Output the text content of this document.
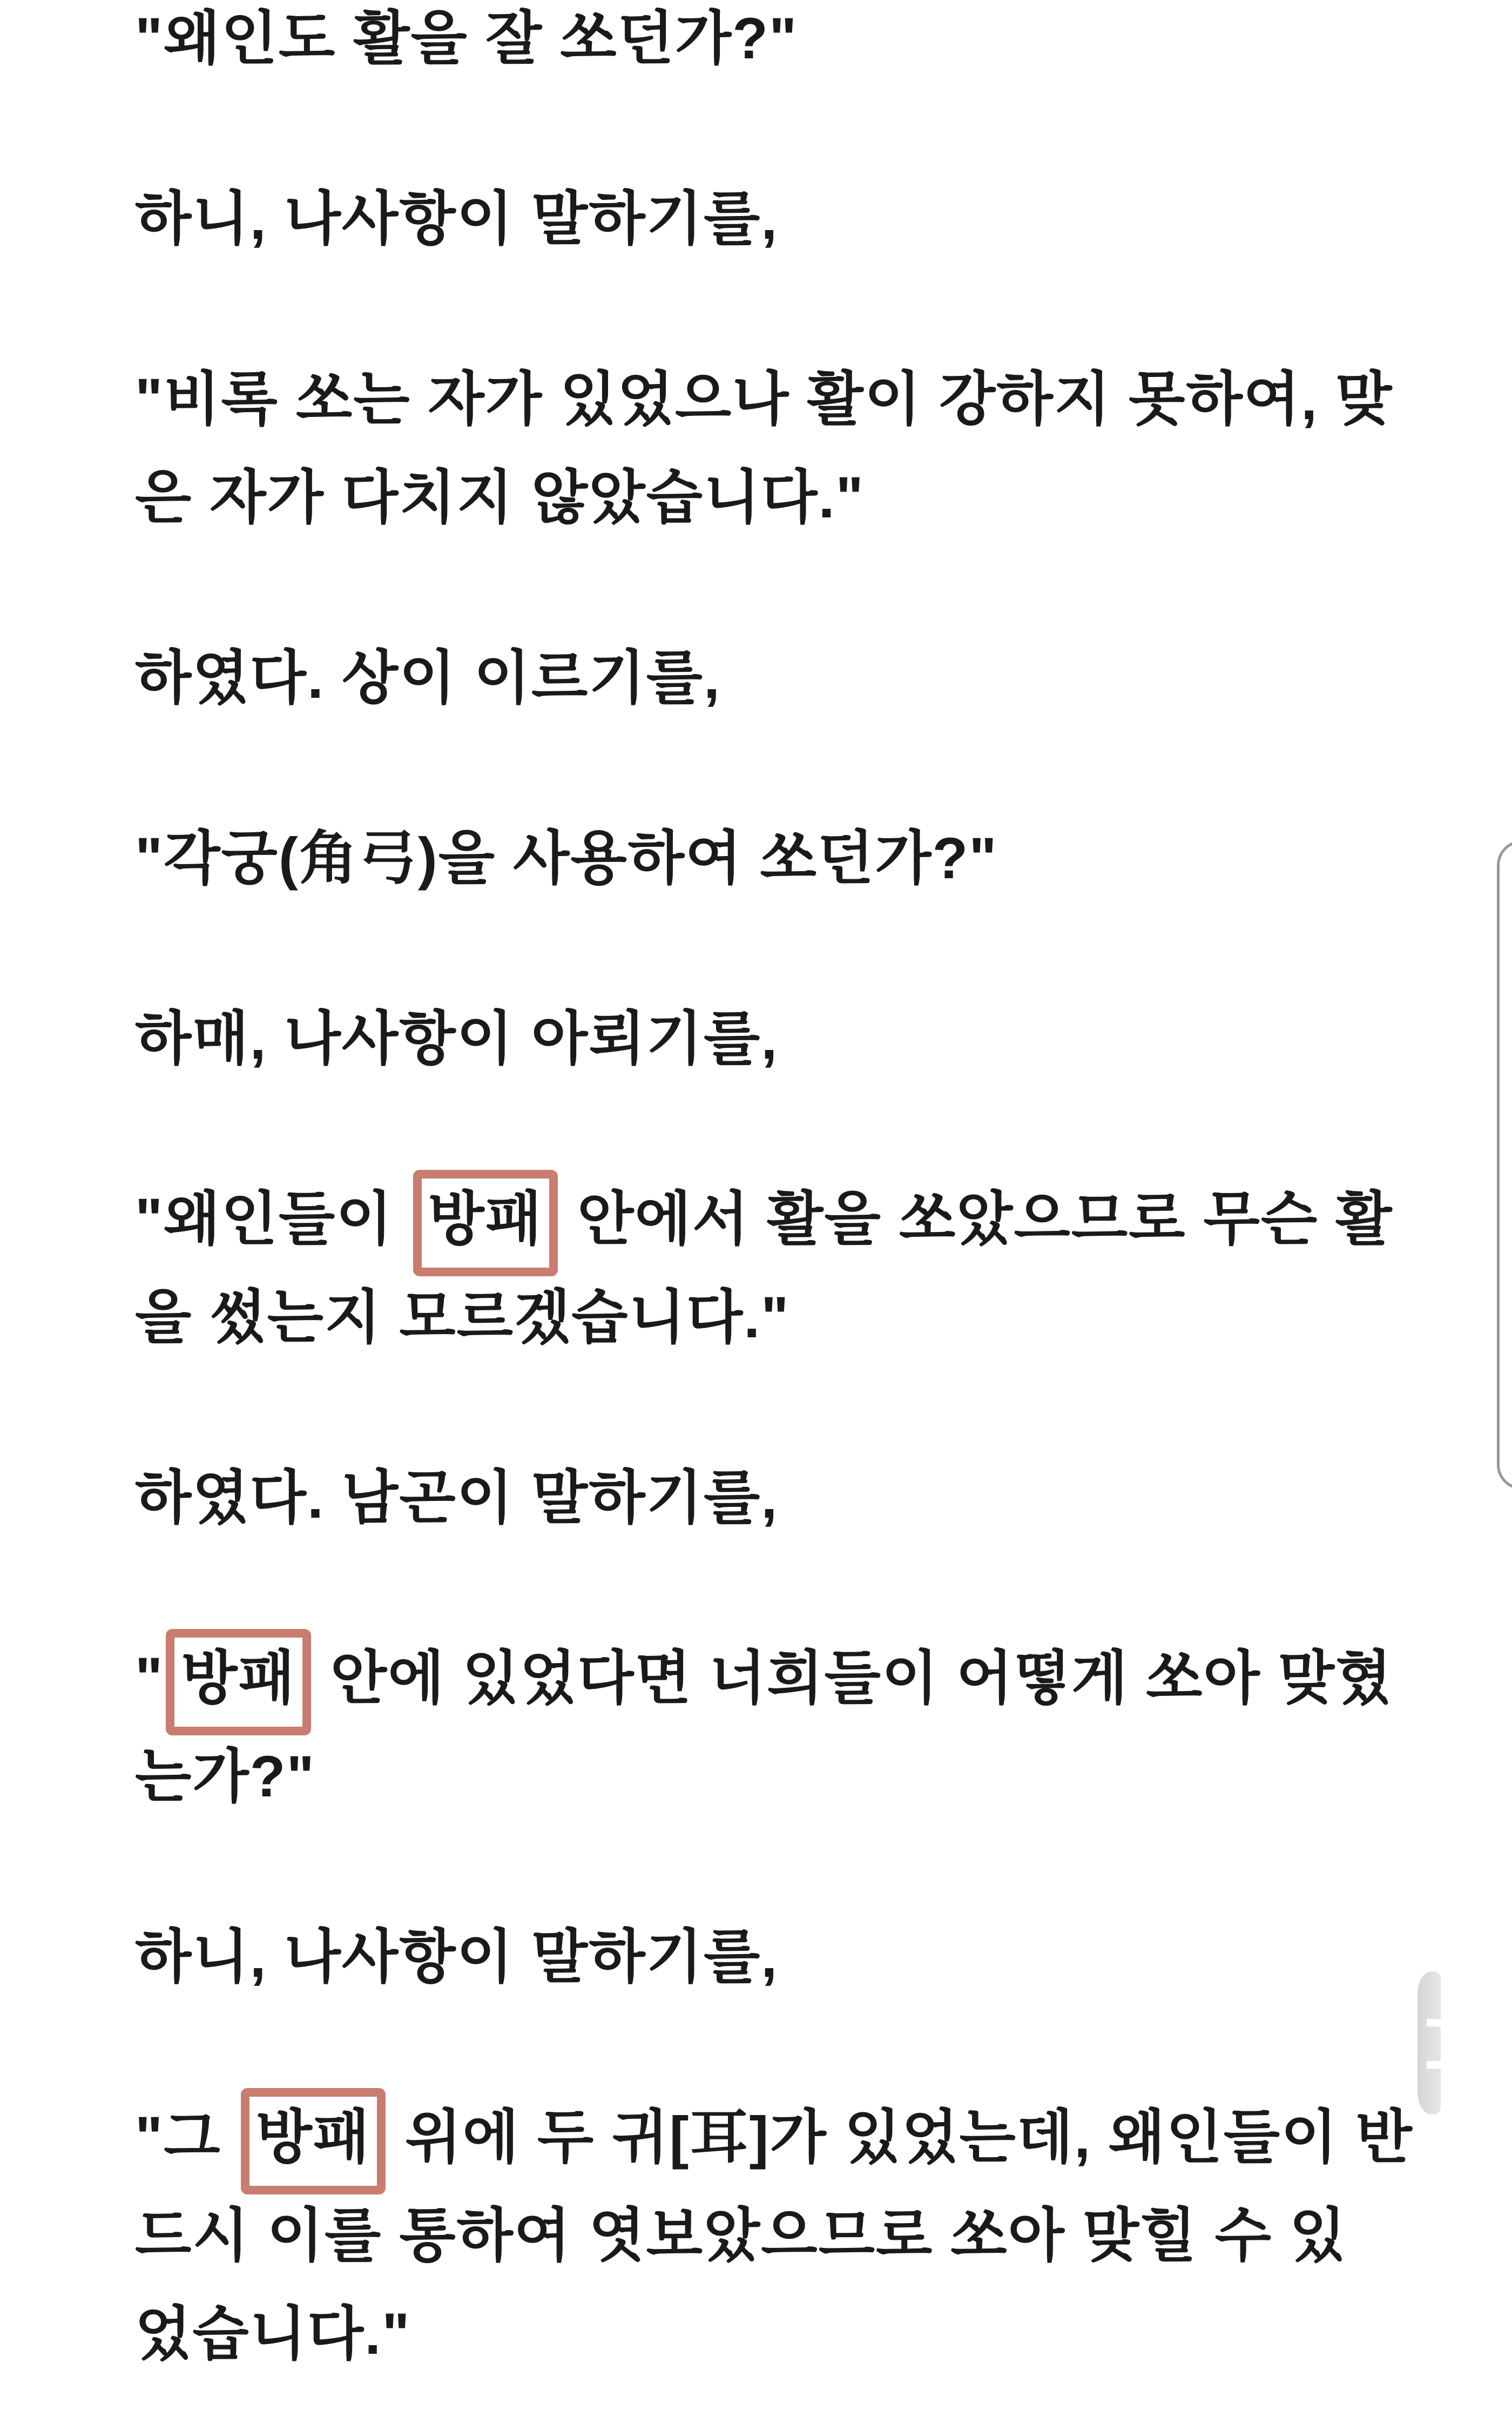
"왜인도 활을 잘 쏘던가?"
하니, 나사항이 말하기를,
"비록 쏘는 자가 있었으나 활이 강하지 못하여, 맞
은 자가 다치지 않았습니다."
하였다. 상이 이르기를,
"각궁(角弓)을 사용하여 쏘던가?"
하매, 나사항이 아뢰기를,
"왜인들이 방패 안에서 활을 쏘았으므로 무슨 활
을 썼는지 모르겠습니다."
하였다. 남곤이 말하기를,
" 방패 안에 있었다면 너희들이 어떻게 쏘아 맞혔
는가?"
하니, 나사항이 말하기를,
"그 방패 위에 두 귀[耳]가 있었는데, 왜인들이 반
드시 이를 통하여 엿보았으므로 쏘아 맞힐 수 있
었습니다."
